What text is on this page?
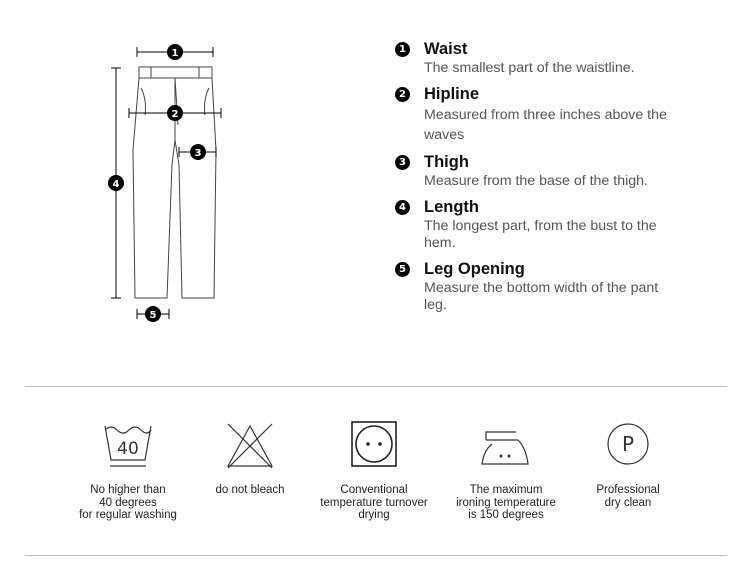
1
2
3
4
5
1 Waist
The smallest part of the waistline.
2 Hipline
Measured from three inches above the waves
3 Thigh
Measure from the base of the thigh.
4 Length
The longest part, from the bust to the hem.
5 Leg Opening
Measure the bottom width of the pant leg.
40
No higher than
40 degrees
for regular washing
do not bleach	Conventional
temperature turnover
drying
The maximum
ironing temperature
is 150 degrees
P
Professional
dry clean
